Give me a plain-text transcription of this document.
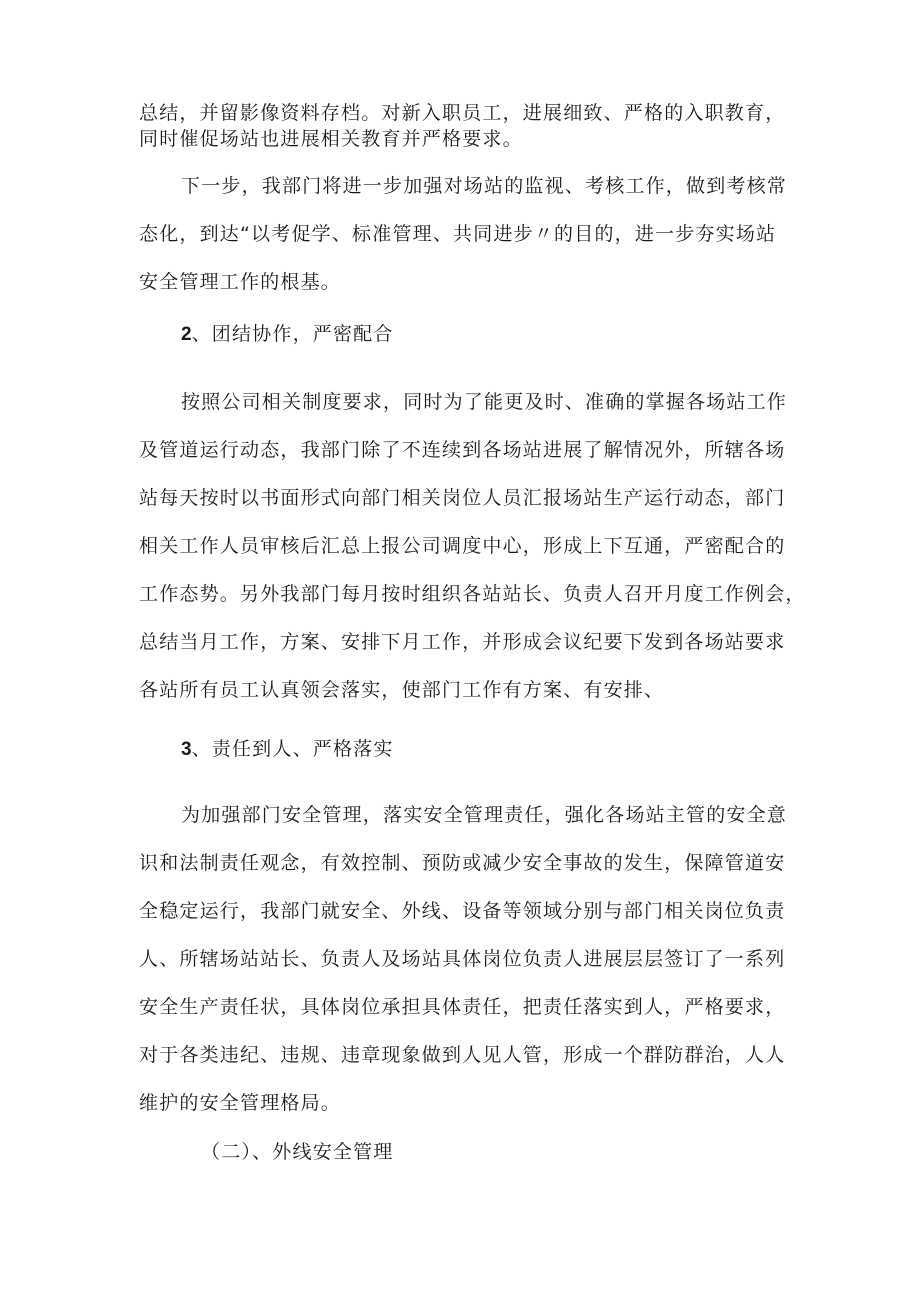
总结，并留影像资料存档。对新入职员工，进展细致、严格的入职教育，
同时催促场站也进展相关教育并严格要求。
下一步，我部门将进一步加强对场站的监视、考核工作，做到考核常
态化，到达“以考促学、标准管理、共同进步〃的目的，进一步夯实场站
安全管理工作的根基。
2、团结协作，严密配合
按照公司相关制度要求，同时为了能更及时、准确的掌握各场站工作
及管道运行动态，我部门除了不连续到各场站进展了解情况外，所辖各场
站每天按时以书面形式向部门相关岗位人员汇报场站生产运行动态，部门
相关工作人员审核后汇总上报公司调度中心，形成上下互通，严密配合的
工作态势。另外我部门每月按时组织各站站长、负责人召开月度工作例会，
总结当月工作，方案、安排下月工作，并形成会议纪要下发到各场站要求
各站所有员工认真领会落实，使部门工作有方案、有安排、
3、责任到人、严格落实
为加强部门安全管理，落实安全管理责任，强化各场站主管的安全意
识和法制责任观念，有效控制、预防或减少安全事故的发生，保障管道安
全稳定运行，我部门就安全、外线、设备等领域分别与部门相关岗位负责
人、所辖场站站长、负责人及场站具体岗位负责人进展层层签订了一系列
安全生产责任状，具体岗位承担具体责任，把责任落实到人，严格要求，
对于各类违纪、违规、违章现象做到人见人管，形成一个群防群治，人人
维护的安全管理格局。
（二）、外线安全管理
